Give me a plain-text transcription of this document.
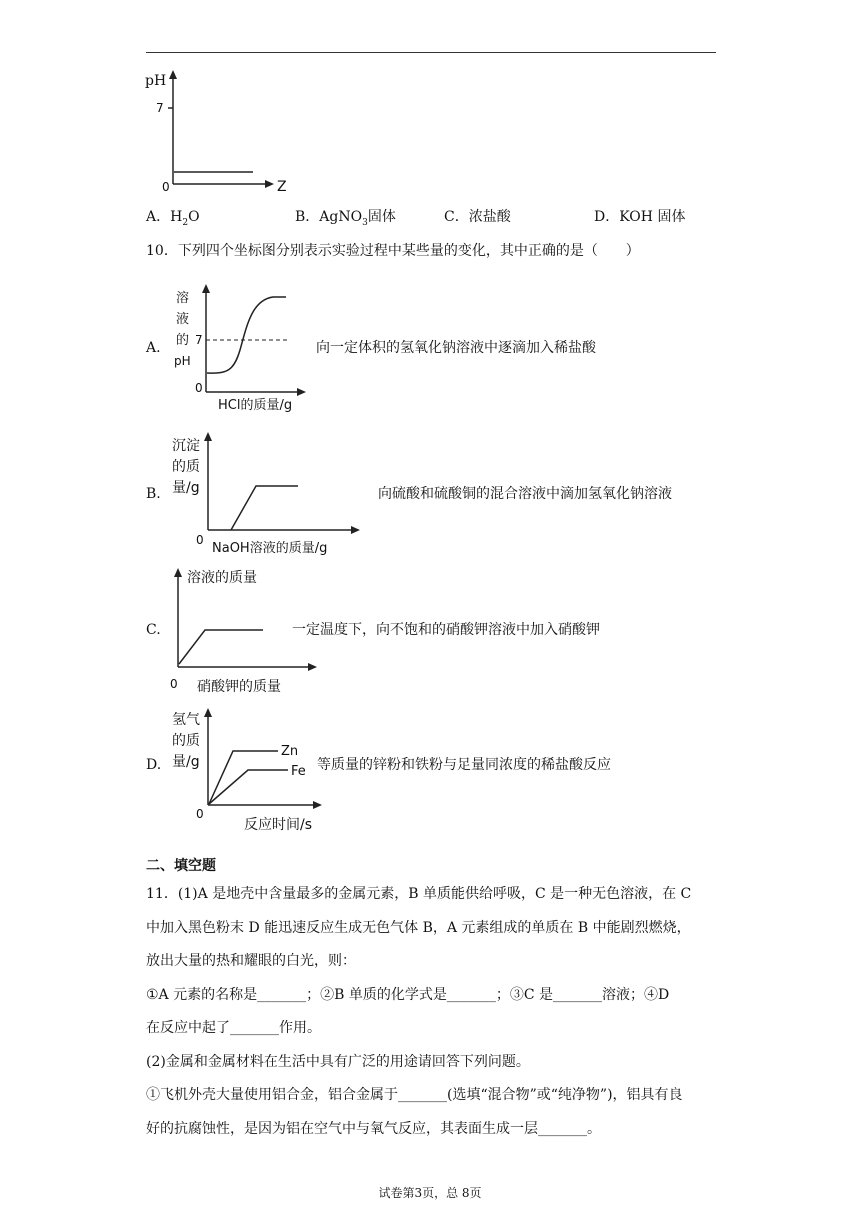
pH
7
0	Z
A．$H_2O$	B．AgNO$_3$固体	C．浓盐酸	D．KOH 固体
10．下列四个坐标图分别表示实验过程中某些量的变化，其中正确的是（　　）
A.
溶
液
的
pH
7
0
HCl的质量/g
向一定体积的氢氧化钠溶液中逐滴加入稀盐酸
B.
沉淀
的质
量/g
0
NaOH溶液的质量/g
向硫酸和硫酸铜的混合溶液中滴加氢氧化钠溶液
C.
溶液的质量
0 硝酸钾的质量
一定温度下，向不饱和的硝酸钾溶液中加入硝酸钾
D.
Zn
Fe
氢气
的质
量/g
0
反应时间/s
等质量的锌粉和铁粉与足量同浓度的稀盐酸反应
二、填空题
11．(1)A 是地壳中含量最多的金属元素，B 单质能供给呼吸，C 是一种无色溶液，在 C
中加入黑色粉末 D 能迅速反应生成无色气体 B，A 元素组成的单质在 B 中能剧烈燃烧，
放出大量的热和耀眼的白光，则：
①A 元素的名称是_______；②B 单质的化学式是_______；③C 是_______溶液；④D
在反应中起了_______作用。
(2)金属和金属材料在生活中具有广泛的用途请回答下列问题。
①飞机外壳大量使用铝合金，铝合金属于_______(选填“混合物”或“纯净物”)，铝具有良
好的抗腐蚀性，是因为铝在空气中与氧气反应，其表面生成一层_______。
试卷第3页，总 8页
